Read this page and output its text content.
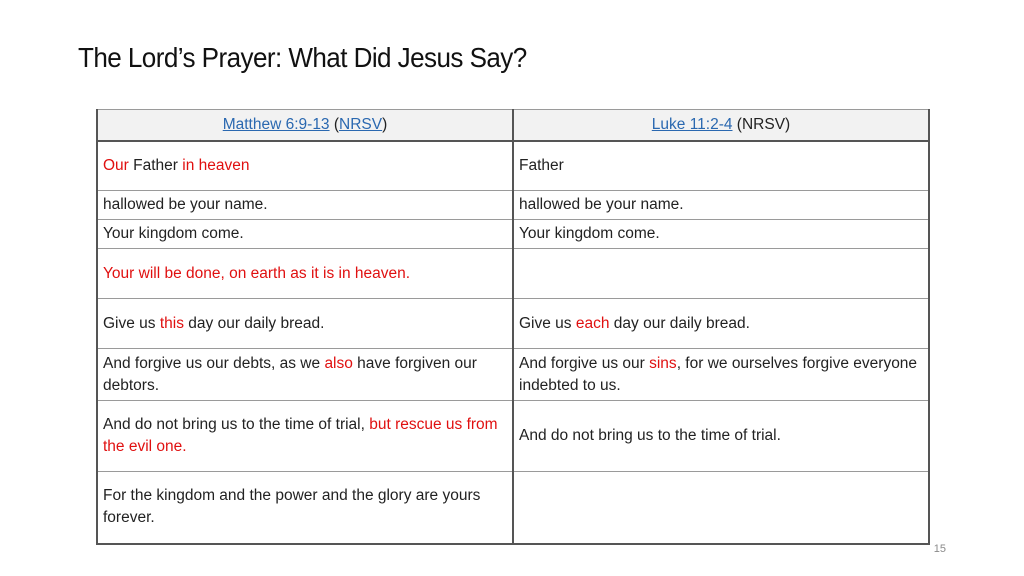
The Lord’s Prayer: What Did Jesus Say?
Matthew 6:9-13 (NRSV)	Luke 11:2-4 (NRSV)
Our Father in heaven	Father
hallowed be your name.	hallowed be your name.
Your kingdom come.	Your kingdom come.
Your will be done, on earth as it is in heaven.	
Give us this day our daily bread.	Give us each day our daily bread.
And forgive us our debts, as we also have forgiven our debtors.	And forgive us our sins, for we ourselves forgive everyone indebted to us.
And do not bring us to the time of trial, but rescue us from the evil one.	And do not bring us to the time of trial.
For the kingdom and the power and the glory are yours forever.	
15
